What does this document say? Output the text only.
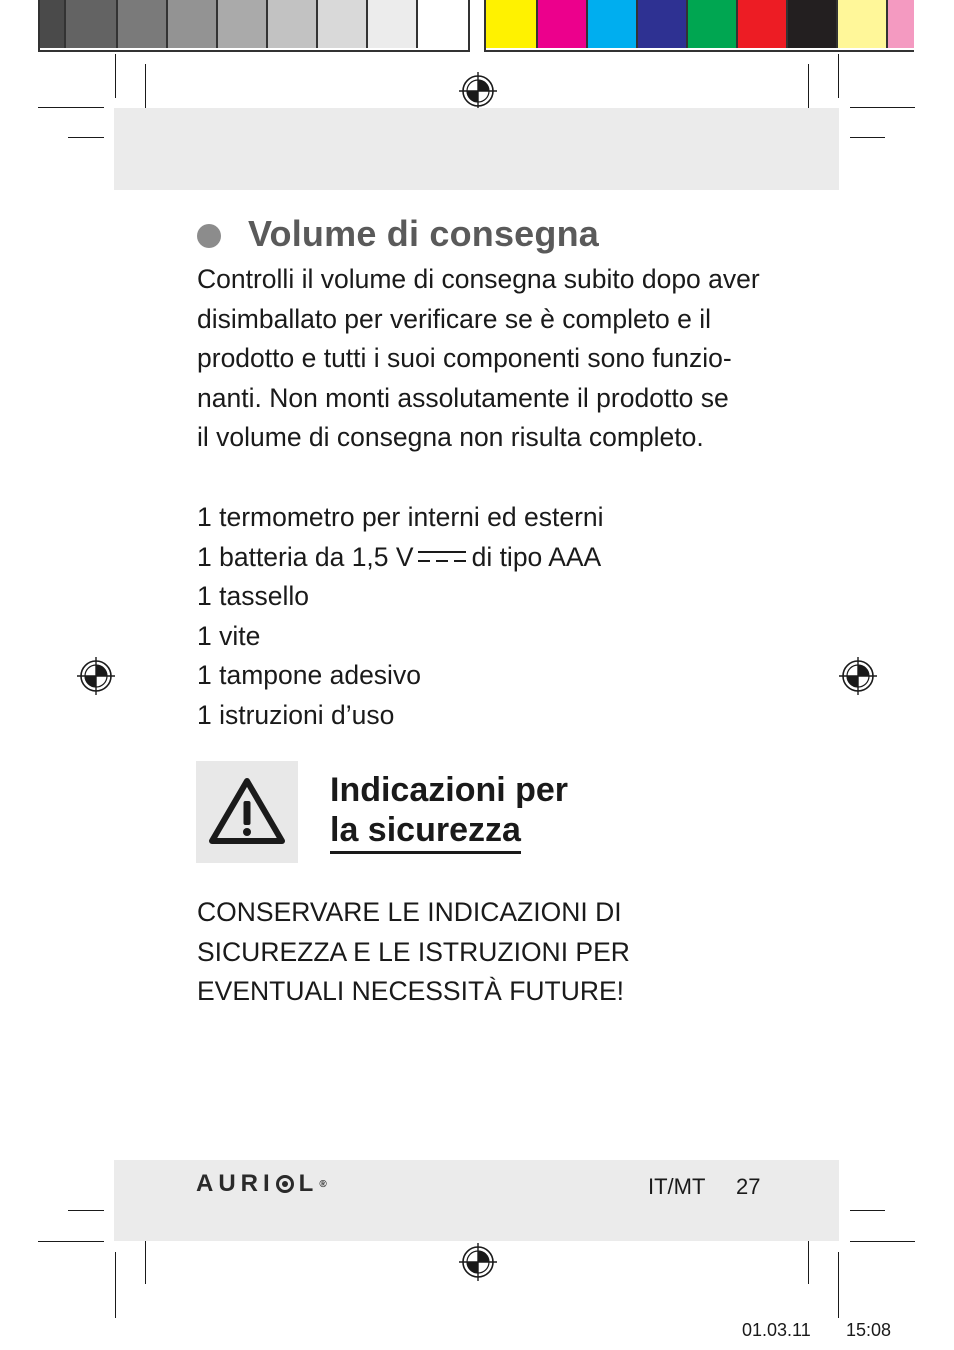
Volume di consegna
Controlli il volume di consegna subito dopo aver
disimballato per verificare se è completo e il
prodotto e tutti i suoi componenti sono funzio-
nanti. Non monti assolutamente il prodotto se
il volume di consegna non risulta completo.
1 termometro per interni ed esterni
1 batteria da 1,5 V di tipo AAA
1 tassello
1 vite
1 tampone adesivo
1 istruzioni d’uso
Indicazioni per
la sicurezza
CONSERVARE LE INDICAZIONI DI
SICUREZZA E LE ISTRUZIONI PER
EVENTUALI NECESSITÀ FUTURE!
AURI L ®	IT/MT 27
01.03.11 15:08
